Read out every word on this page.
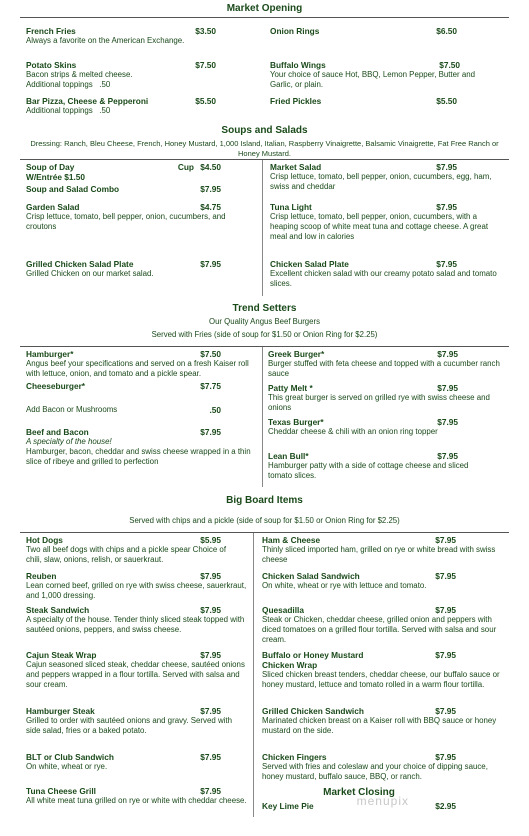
Market Opening
French Fries	$3.50
Always a favorite on the American Exchange.
Onion Rings	$6.50
Potato Skins	$7.50
Bacon strips & melted cheese.
Additional toppings   .50
Buffalo Wings	$7.50
Your choice of sauce Hot, BBQ, Lemon Pepper, Butter and Garlic, or plain.
Bar Pizza, Cheese & Pepperoni	$5.50
Additional toppings   .50
Fried Pickles	$5.50
Soups and Salads
Dressing: Ranch, Bleu Cheese, French, Honey Mustard, 1,000 Island, Italian, Raspberry Vinaigrette, Balsamic Vinaigrette, Fat Free Ranch or Honey Mustard.
Soup of Day	Cup $4.50
W/Entrée $1.50
Soup and Salad Combo	$7.95
Garden Salad	$4.75
Crisp lettuce, tomato, bell pepper, onion, cucumbers, and croutons
Grilled Chicken Salad Plate	$7.95
Grilled Chicken on our market salad.
Market Salad	$7.95
Crisp lettuce, tomato, bell pepper, onion, cucumbers, egg, ham, swiss and cheddar
Tuna Light	$7.95
Crisp lettuce, tomato, bell pepper, onion, cucumbers, with a heaping scoop of white meat tuna and cottage cheese. A great meal and low in calories
Chicken Salad Plate	$7.95
Excellent chicken salad with our creamy potato salad and tomato slices.
Trend Setters
Our Quality Angus Beef Burgers
Served with Fries (side of soup for $1.50 or Onion Ring for $2.25)
Hamburger*	$7.50
Angus beef your specifications and served on a fresh Kaiser roll with lettuce, onion, and tomato and a pickle spear.
Cheeseburger*	$7.75
Add Bacon or Mushrooms	.50
Beef and Bacon	$7.95
A specialty of the house!
Hamburger, bacon, cheddar and swiss cheese wrapped in a thin slice of ribeye and grilled to perfection
Greek Burger*	$7.95
Burger stuffed with feta cheese and topped with a cucumber ranch sauce
Patty Melt *	$7.95
This great burger is served on grilled rye with swiss cheese and onions
Texas Burger*	$7.95
Cheddar cheese & chili with an onion ring topper
Lean Bull*	$7.95
Hamburger patty with a side of cottage cheese and sliced tomato slices.
Big Board Items
Served with chips and a pickle (side of soup for $1.50 or Onion Ring for $2.25)
Hot Dogs	$5.95
Two all beef dogs with chips and a pickle spear Choice of chili, slaw, onions, relish, or sauerkraut.
Reuben	$7.95
Lean corned beef, grilled on rye with swiss cheese, sauerkraut, and 1,000 dressing.
Steak Sandwich	$7.95
A specialty of the house. Tender thinly sliced steak topped with sautéed onions, peppers, and swiss cheese.
Cajun Steak Wrap	$7.95
Cajun seasoned sliced steak, cheddar cheese, sautéed onions and peppers wrapped in a flour tortilla. Served with salsa and sour cream.
Hamburger Steak	$7.95
Grilled to order with sautéed onions and gravy. Served with side salad, fries or a baked potato.
BLT or Club Sandwich	$7.95
On white, wheat or rye.
Tuna Cheese Grill	$7.95
All white meat tuna grilled on rye or white with cheddar cheese.
Ham & Cheese	$7.95
Thinly sliced imported ham, grilled on rye or white bread with swiss cheese
Chicken Salad Sandwich	$7.95
On white, wheat or rye with lettuce and tomato.
Quesadilla	$7.95
Steak or Chicken, cheddar cheese, grilled onion and peppers with diced tomatoes on a grilled flour tortilla. Served with salsa and sour cream.
Buffalo or Honey Mustard	$7.95
Chicken Wrap
Sliced chicken breast tenders, cheddar cheese, our buffalo sauce or honey mustard, lettuce and tomato rolled in a warm flour tortilla.
Grilled Chicken Sandwich	$7.95
Marinated chicken breast on a Kaiser roll with BBQ sauce or honey mustard on the side.
Chicken Fingers	$7.95
Served with fries and coleslaw and your choice of dipping sauce, honey mustard, buffalo sauce, BBQ, or ranch.
Market Closing
Key Lime Pie	$2.95
menupix
